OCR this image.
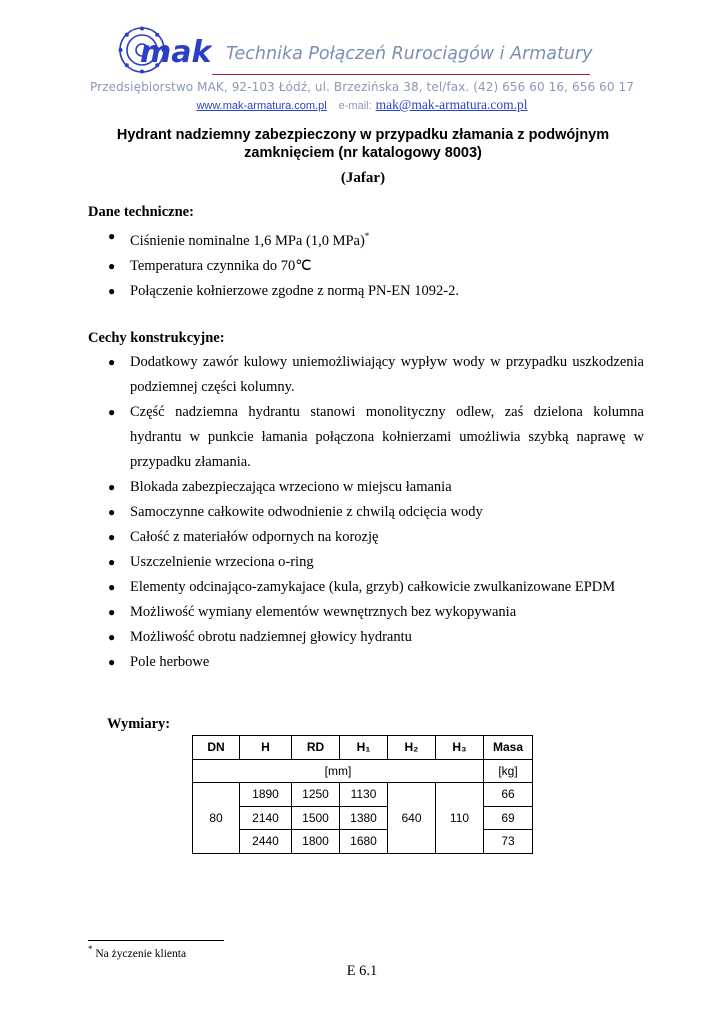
mak Technika Połączeń Rurociągów i Armatury
Przedsiębiorstwo MAK, 92-103 Łódź, ul. Brzezińska 38, tel/fax. (42) 656 60 16, 656 60 17
www.mak-armatura.com.pl e-mail: mak@mak-armatura.com.pl
Hydrant nadziemny zabezpieczony w przypadku złamania z podwójnym
zamknięciem (nr katalogowy 8003)
(Jafar)
Dane techniczne:
● Ciśnienie nominalne 1,6 MPa (1,0 MPa)*
● Temperatura czynnika do 70℃
● Połączenie kołnierzowe zgodne z normą PN-EN 1092-2.
Cechy konstrukcyjne:
● Dodatkowy zawór kulowy uniemożliwiający wypływ wody w przypadku uszkodzenia podziemnej części kolumny.
● Część nadziemna hydrantu stanowi monolityczny odlew, zaś dzielona kolumna hydrantu w punkcie łamania połączona kołnierzami umożliwia szybką naprawę w przypadku złamania.
● Blokada zabezpieczająca wrzeciono w miejscu łamania
● Samoczynne całkowite odwodnienie z chwilą odcięcia wody
● Całość z materiałów odpornych na korozję
● Uszczelnienie wrzeciona o-ring
● Elementy odcinająco-zamykajace (kula, grzyb) całkowicie zwulkanizowane EPDM
● Możliwość wymiany elementów wewnętrznych bez wykopywania
● Możliwość obrotu nadziemnej głowicy hydrantu
● Pole herbowe
Wymiary:
DN	H	RD	H₁	H₂	H₃	Masa
[mm]						[kg]
80	1890	1250	1130	640	110	66
	2140	1500	1380			69
	2440	1800	1680			73
* Na życzenie klienta
E 6.1
